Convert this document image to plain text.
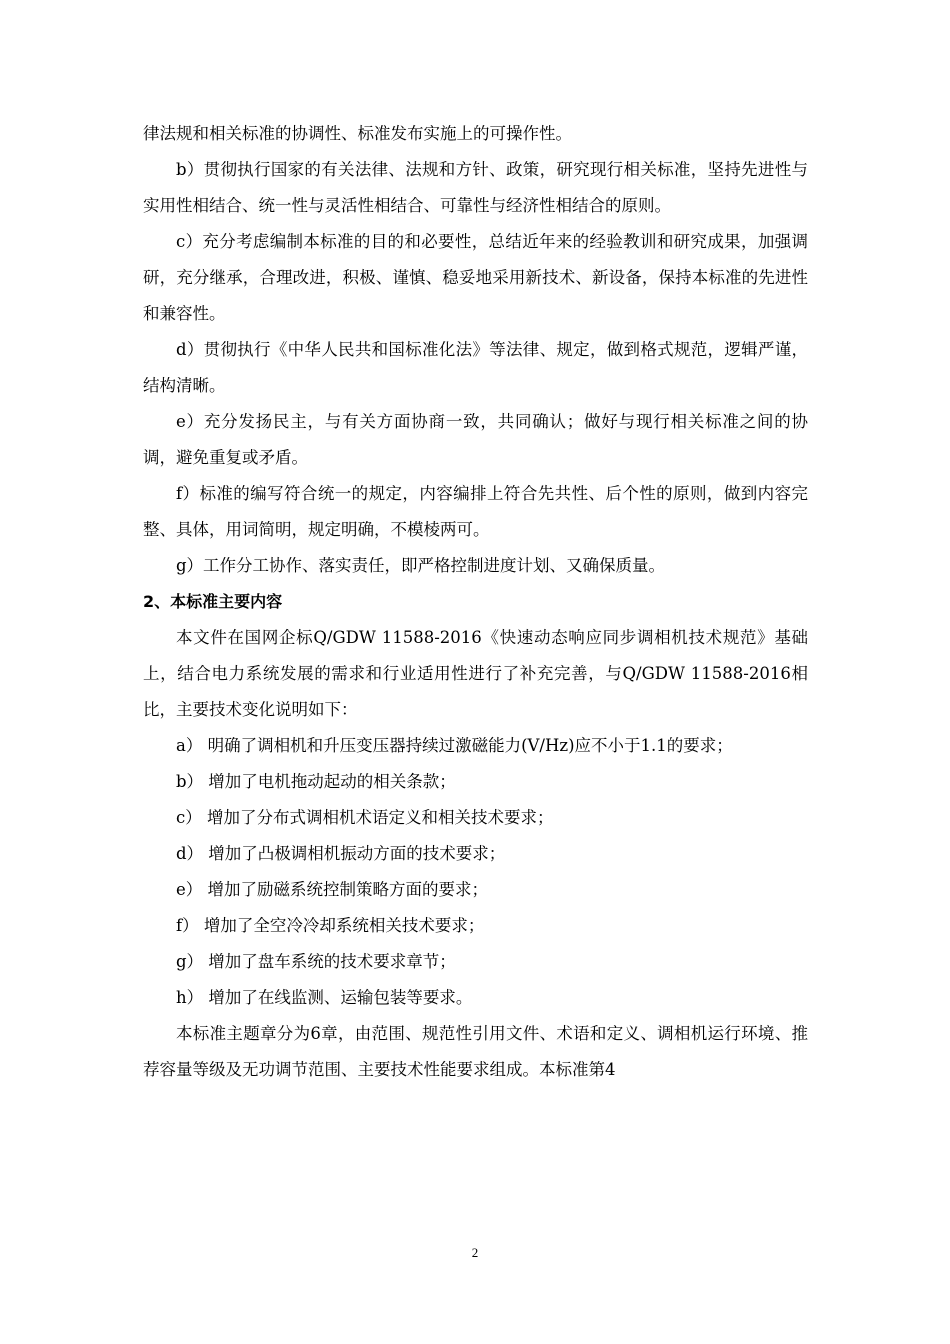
律法规和相关标准的协调性、标准发布实施上的可操作性。

b）贯彻执行国家的有关法律、法规和方针、政策，研究现行相关标准，坚持先进性与实用性相结合、统一性与灵活性相结合、可靠性与经济性相结合的原则。

c）充分考虑编制本标准的目的和必要性，总结近年来的经验教训和研究成果，加强调研，充分继承，合理改进，积极、谨慎、稳妥地采用新技术、新设备，保持本标准的先进性和兼容性。

d）贯彻执行《中华人民共和国标准化法》等法律、规定，做到格式规范，逻辑严谨，结构清晰。

e）充分发扬民主，与有关方面协商一致，共同确认；做好与现行相关标准之间的协调，避免重复或矛盾。

f）标准的编写符合统一的规定，内容编排上符合先共性、后个性的原则，做到内容完整、具体，用词简明，规定明确，不模棱两可。

g）工作分工协作、落实责任，即严格控制进度计划、又确保质量。

2、本标准主要内容

本文件在国网企标Q/GDW 11588-2016《快速动态响应同步调相机技术规范》基础上，结合电力系统发展的需求和行业适用性进行了补充完善，与Q/GDW 11588-2016相比，主要技术变化说明如下：

a） 明确了调相机和升压变压器持续过激磁能力(V/Hz)应不小于1.1的要求；

b） 增加了电机拖动起动的相关条款；

c） 增加了分布式调相机术语定义和相关技术要求；

d） 增加了凸极调相机振动方面的技术要求；

e） 增加了励磁系统控制策略方面的要求；

f） 增加了全空冷冷却系统相关技术要求；

g） 增加了盘车系统的技术要求章节；

h） 增加了在线监测、运输包装等要求。

本标准主题章分为6章，由范围、规范性引用文件、术语和定义、调相机运行环境、推荐容量等级及无功调节范围、主要技术性能要求组成。本标准第4

2
